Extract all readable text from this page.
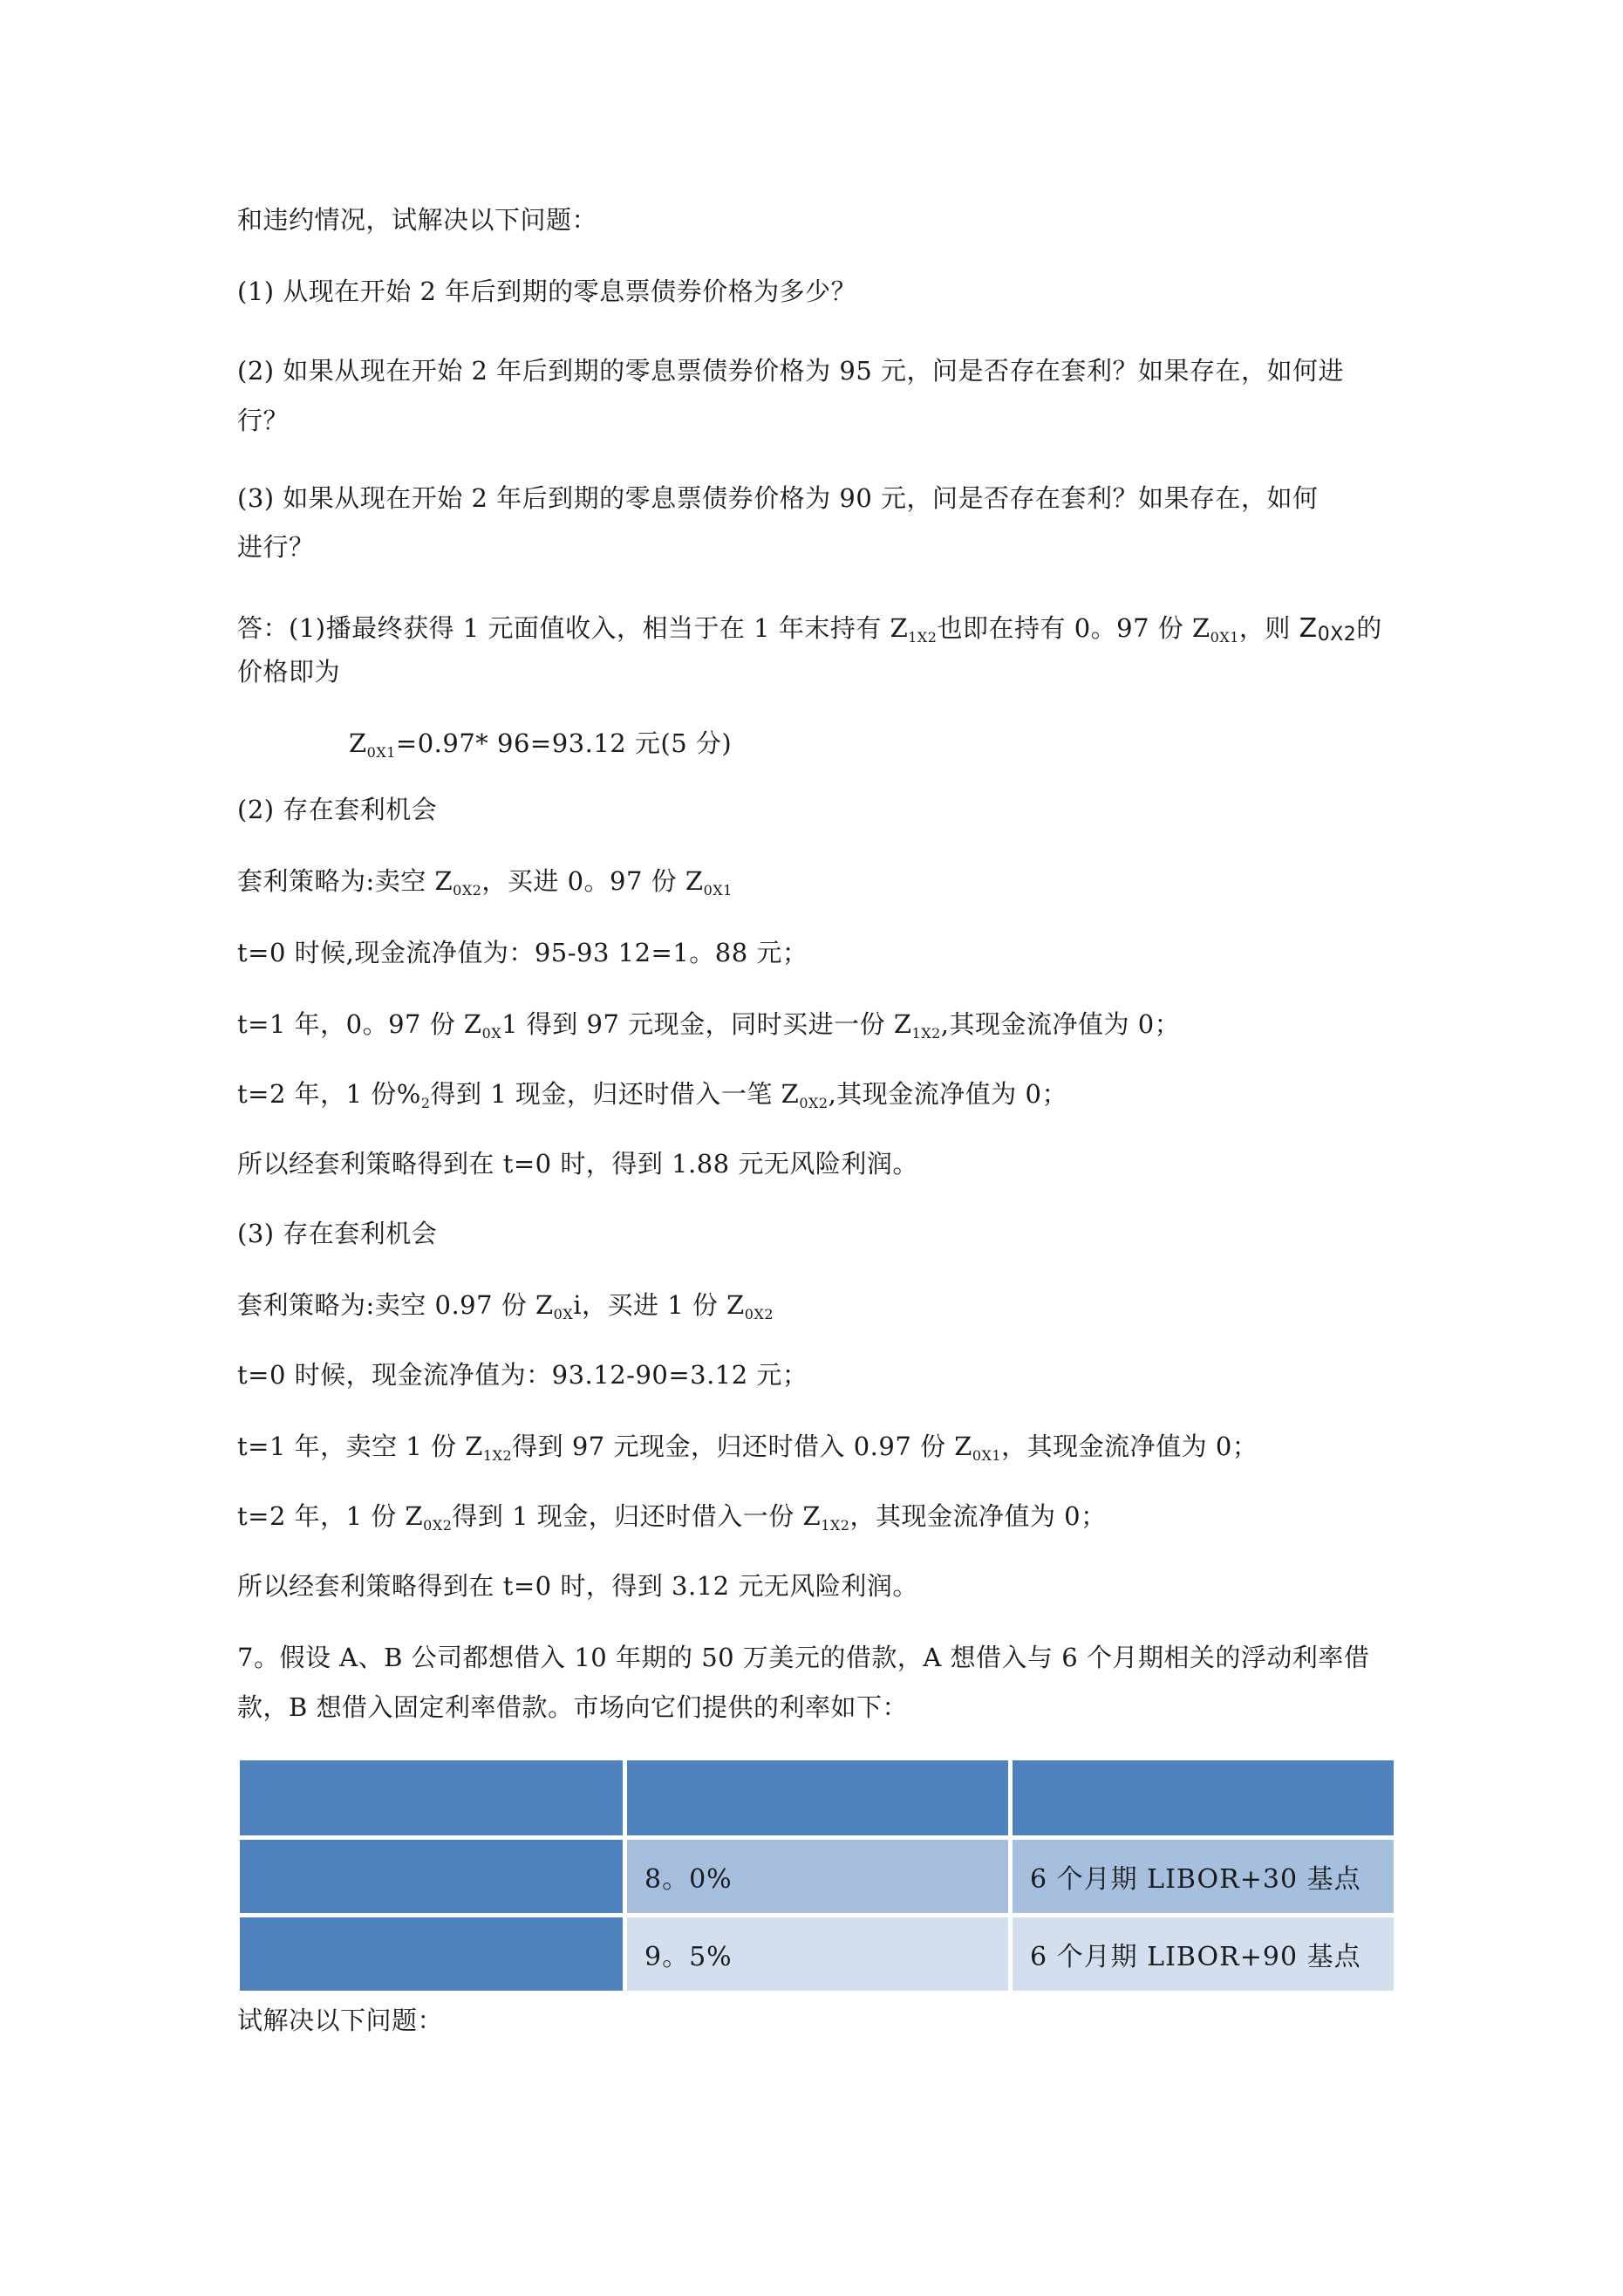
和违约情况，试解决以下问题：
(1) 从现在开始 2 年后到期的零息票债券价格为多少？
(2) 如果从现在开始 2 年后到期的零息票债券价格为 95 元，问是否存在套利？如果存在，如何进
行？
(3) 如果从现在开始 2 年后到期的零息票债券价格为 90 元，问是否存在套利？如果存在，如何
进行？
答：(1)播最终获得 1 元面值收入，相当于在 1 年末持有 $Z_{1X2}$也即在持有 0。97 份 $Z_{0X1}$，则 $Z_{0X2}$的
价格即为
$Z_{0X1}=0.97*$ 96=93.12 元(5 分)
(2) 存在套利机会
套利策略为:卖空 $Z_{0X2}$，买进 0。97 份 $Z_{0X1}$
t=0 时候,现金流净值为：95-93 12=1。88 元；
t=1 年，0。97 份 $Z_{0X}1$ 得到 97 元现金，同时买进一份 $Z_{1X2}$,其现金流净值为 0；
t=2 年，1 份$\%_2$得到 1 现金，归还时借入一笔 $Z_{0X2}$,其现金流净值为 0；
所以经套利策略得到在 t=0 时，得到 1.88 元无风险利润。
(3) 存在套利机会
套利策略为:卖空 0.97 份 $Z_{0X}i$，买进 1 份 $Z_{0X2}$
t=0 时候，现金流净值为：93.12-90=3.12 元；
t=1 年，卖空 1 份 $Z_{1X2}$得到 97 元现金，归还时借入 0.97 份 $Z_{0X1}$，其现金流净值为 0；
t=2 年，1 份 $Z_{0X2}$得到 1 现金，归还时借入一份 $Z_{1X2}$，其现金流净值为 0；
所以经套利策略得到在 t=0 时，得到 3.12 元无风险利润。
7。假设 A、B 公司都想借入 10 年期的 50 万美元的借款，A 想借入与 6 个月期相关的浮动利率借
款，B 想借入固定利率借款。市场向它们提供的利率如下：

	8。0%	6 个月期 LIBOR+30 基点
	9。5%	6 个月期 LIBOR+90 基点
试解决以下问题：
